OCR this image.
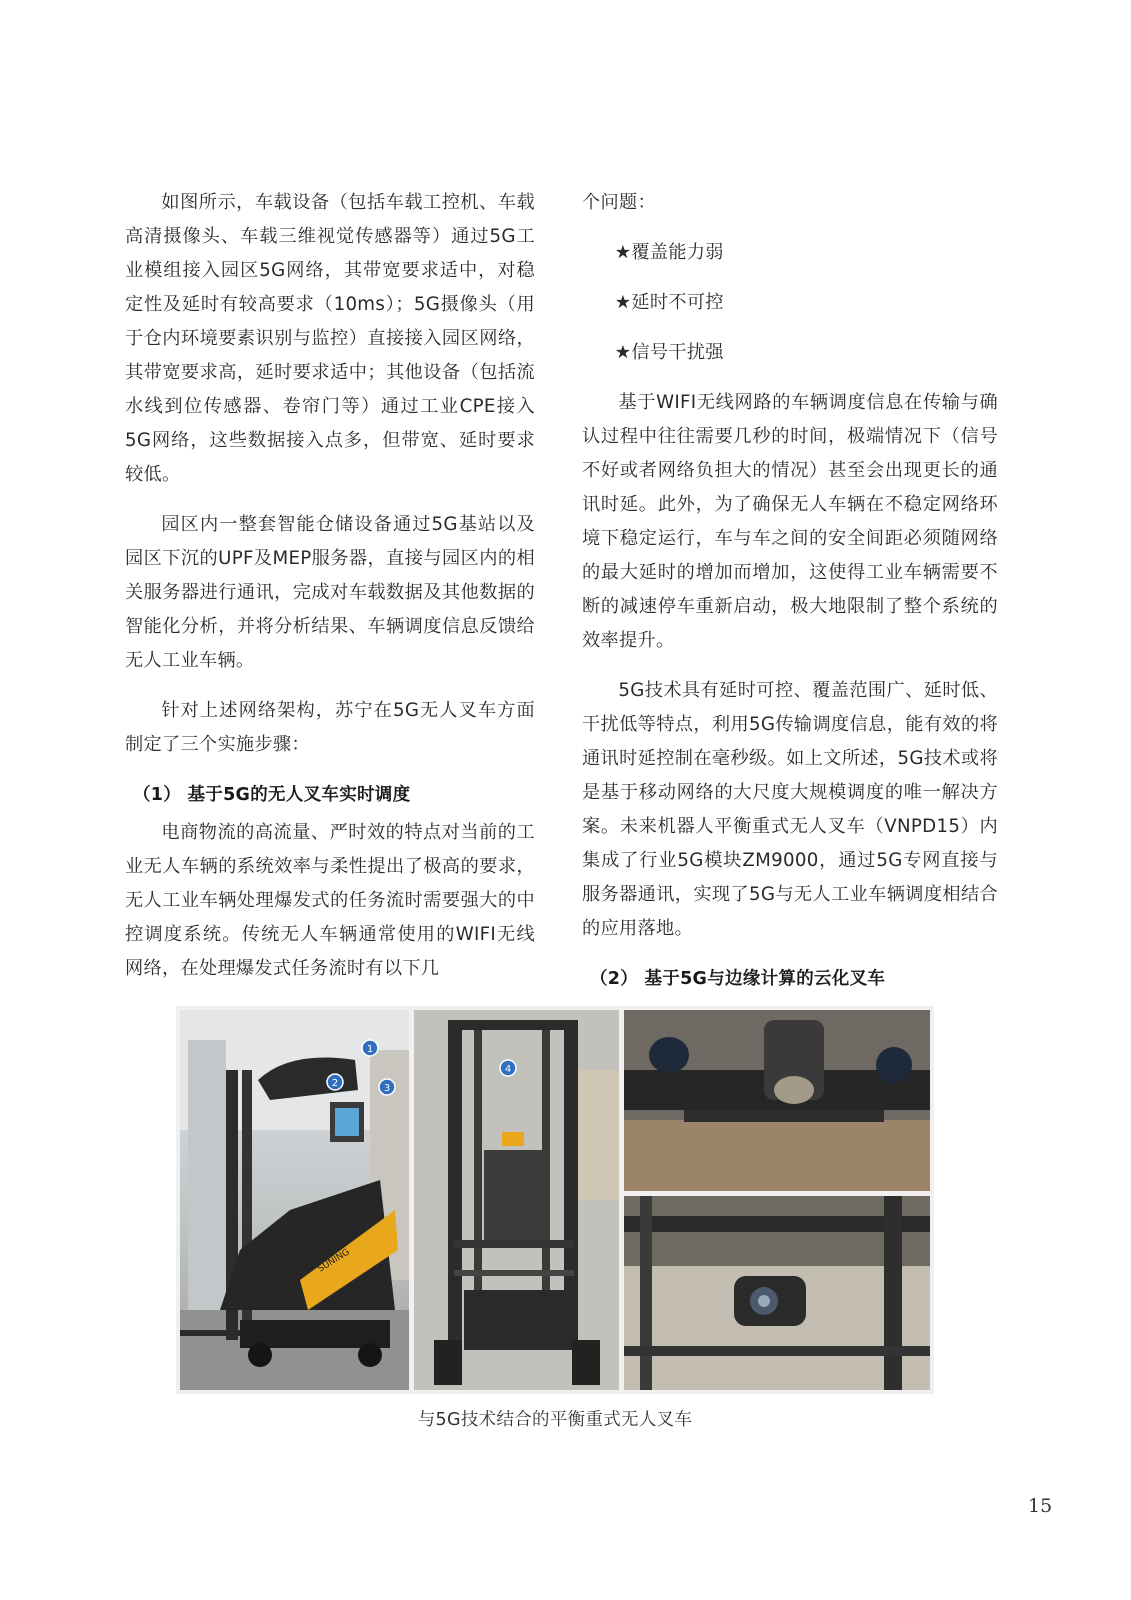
如图所示，车载设备（包括车载工控机、车载高清摄像头、车载三维视觉传感器等）通过5G工业模组接入园区5G网络，其带宽要求适中，对稳定性及延时有较高要求（10ms）；5G摄像头（用于仓内环境要素识别与监控）直接接入园区网络，其带宽要求高，延时要求适中；其他设备（包括流水线到位传感器、卷帘门等）通过工业CPE接入5G网络，这些数据接入点多，但带宽、延时要求较低。

园区内一整套智能仓储设备通过5G基站以及园区下沉的UPF及MEP服务器，直接与园区内的相关服务器进行通讯，完成对车载数据及其他数据的智能化分析，并将分析结果、车辆调度信息反馈给无人工业车辆。

针对上述网络架构，苏宁在5G无人叉车方面制定了三个实施步骤：

（1） 基于5G的无人叉车实时调度

电商物流的高流量、严时效的特点对当前的工业无人车辆的系统效率与柔性提出了极高的要求，无人工业车辆处理爆发式的任务流时需要强大的中控调度系统。传统无人车辆通常使用的WIFI无线网络，在处理爆发式任务流时有以下几

个问题：

★覆盖能力弱

★延时不可控

★信号干扰强

基于WIFI无线网路的车辆调度信息在传输与确认过程中往往需要几秒的时间，极端情况下（信号不好或者网络负担大的情况）甚至会出现更长的通讯时延。此外，为了确保无人车辆在不稳定网络环境下稳定运行，车与车之间的安全间距必须随网络的最大延时的增加而增加，这使得工业车辆需要不断的减速停车重新启动，极大地限制了整个系统的效率提升。

5G技术具有延时可控、覆盖范围广、延时低、干扰低等特点，利用5G传输调度信息，能有效的将通讯时延控制在毫秒级。如上文所述，5G技术或将是基于移动网络的大尺度大规模调度的唯一解决方案。未来机器人平衡重式无人叉车（VNPD15）内集成了行业5G模块ZM9000，通过5G专网直接与服务器通讯，实现了5G与无人工业车辆调度相结合的应用落地。

（2） 基于5G与边缘计算的云化叉车
SUNING
1
2	3
4
与5G技术结合的平衡重式无人叉车
15
